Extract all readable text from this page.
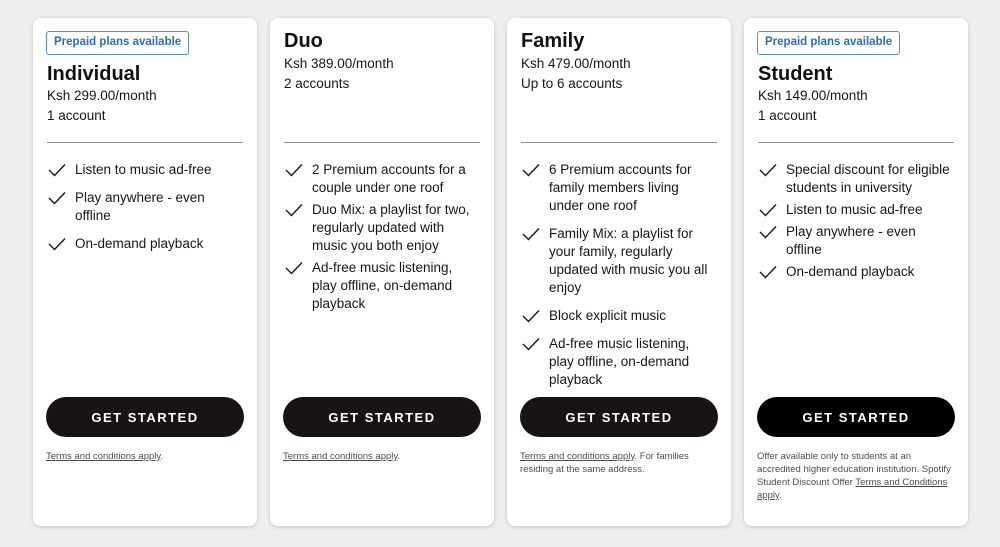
Prepaid plans available
Individual
Ksh 299.00/month
1 account
Listen to music ad-free
Play anywhere - even offline
On-demand playback
GET STARTED
Terms and conditions apply.
Duo
Ksh 389.00/month
2 accounts
2 Premium accounts for a couple under one roof
Duo Mix: a playlist for two, regularly updated with music you both enjoy
Ad-free music listening, play offline, on-demand playback
GET STARTED
Terms and conditions apply.
Family
Ksh 479.00/month
Up to 6 accounts
6 Premium accounts for family members living under one roof
Family Mix: a playlist for your family, regularly updated with music you all enjoy
Block explicit music
Ad-free music listening, play offline, on-demand playback
GET STARTED
Terms and conditions apply. For families residing at the same address.
Prepaid plans available
Student
Ksh 149.00/month
1 account
Special discount for eligible students in university
Listen to music ad-free
Play anywhere - even offline
On-demand playback
GET STARTED
Offer available only to students at an accredited higher education institution. Spotify Student Discount Offer Terms and Conditions apply.
